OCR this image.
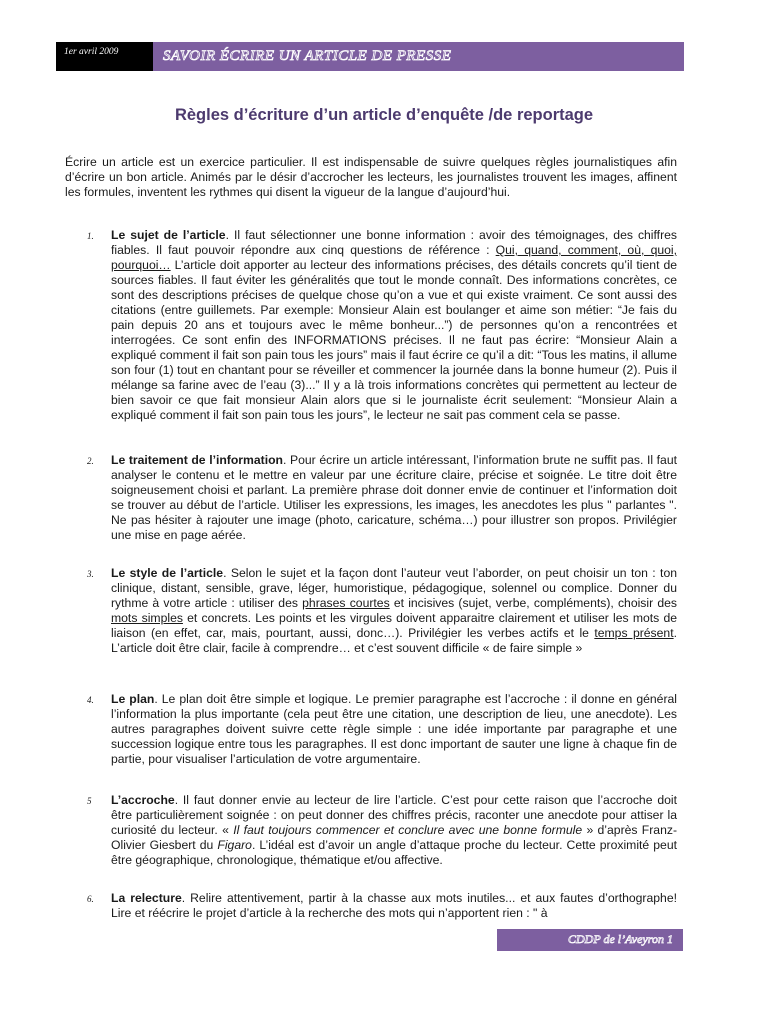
1er avril 2009	SAVOIR ÉCRIRE UN ARTICLE DE PRESSE
Règles d’écriture d’un article d’enquête /de reportage

Écrire un article est un exercice particulier. Il est indispensable de suivre quelques règles journalistiques afin d’écrire un bon article. Animés par le désir d’accrocher les lecteurs, les journalistes trouvent les images, affinent les formules, inventent les rythmes qui disent la vigueur de la langue d’aujourd’hui.

1. Le sujet de l’article. Il faut sélectionner une bonne information : avoir des témoignages, des chiffres fiables. Il faut pouvoir répondre aux cinq questions de référence : Qui, quand, comment, où, quoi, pourquoi… L’article doit apporter au lecteur des informations précises, des détails concrets qu’il tient de sources fiables. Il faut éviter les généralités que tout le monde connaît. Des informations concrètes, ce sont des descriptions précises de quelque chose qu’on a vue et qui existe vraiment. Ce sont aussi des citations (entre guillemets. Par exemple: Monsieur Alain est boulanger et aime son métier: “Je fais du pain depuis 20 ans et toujours avec le même bonheur...”) de personnes qu’on a rencontrées et interrogées. Ce sont enfin des INFORMATIONS précises. Il ne faut pas écrire: “Monsieur Alain a expliqué comment il fait son pain tous les jours” mais il faut écrire ce qu’il a dit: “Tous les matins, il allume son four (1) tout en chantant pour se réveiller et commencer la journée dans la bonne humeur (2). Puis il mélange sa farine avec de l’eau (3)...” Il y a là trois informations concrètes qui permettent au lecteur de bien savoir ce que fait monsieur Alain alors que si le journaliste écrit seulement: “Monsieur Alain a expliqué comment il fait son pain tous les jours”, le lecteur ne sait pas comment cela se passe.

2. Le traitement de l’information. Pour écrire un article intéressant, l’information brute ne suffit pas. Il faut analyser le contenu et le mettre en valeur par une écriture claire, précise et soignée. Le titre doit être soigneusement choisi et parlant. La première phrase doit donner envie de continuer et l’information doit se trouver au début de l’article. Utiliser les expressions, les images, les anecdotes les plus " parlantes ". Ne pas hésiter à rajouter une image (photo, caricature, schéma…) pour illustrer son propos. Privilégier une mise en page aérée.

3. Le style de l’article. Selon le sujet et la façon dont l’auteur veut l’aborder, on peut choisir un ton : ton clinique, distant, sensible, grave, léger, humoristique, pédagogique, solennel ou complice. Donner du rythme à votre article : utiliser des phrases courtes et incisives (sujet, verbe, compléments), choisir des mots simples et concrets. Les points et les virgules doivent apparaitre clairement et utiliser les mots de liaison (en effet, car, mais, pourtant, aussi, donc…). Privilégier les verbes actifs et le temps présent. L’article doit être clair, facile à comprendre… et c’est souvent difficile « de faire simple »

4. Le plan. Le plan doit être simple et logique. Le premier paragraphe est l’accroche : il donne en général l’information la plus importante (cela peut être une citation, une description de lieu, une anecdote). Les autres paragraphes doivent suivre cette règle simple : une idée importante par paragraphe et une succession logique entre tous les paragraphes. Il est donc important de sauter une ligne à chaque fin de partie, pour visualiser l’articulation de votre argumentaire.

5 L’accroche. Il faut donner envie au lecteur de lire l’article. C’est pour cette raison que l’accroche doit être particulièrement soignée : on peut donner des chiffres précis, raconter une anecdote pour attiser la curiosité du lecteur. « Il faut toujours commencer et conclure avec une bonne formule » d’après Franz-Olivier Giesbert du Figaro. L’idéal est d’avoir un angle d’attaque proche du lecteur. Cette proximité peut être géographique, chronologique, thématique et/ou affective.

6. La relecture. Relire attentivement, partir à la chasse aux mots inutiles... et aux fautes d’orthographe! Lire et réécrire le projet d’article à la recherche des mots qui n’apportent rien : " à

CDDP de l’Aveyron 1
